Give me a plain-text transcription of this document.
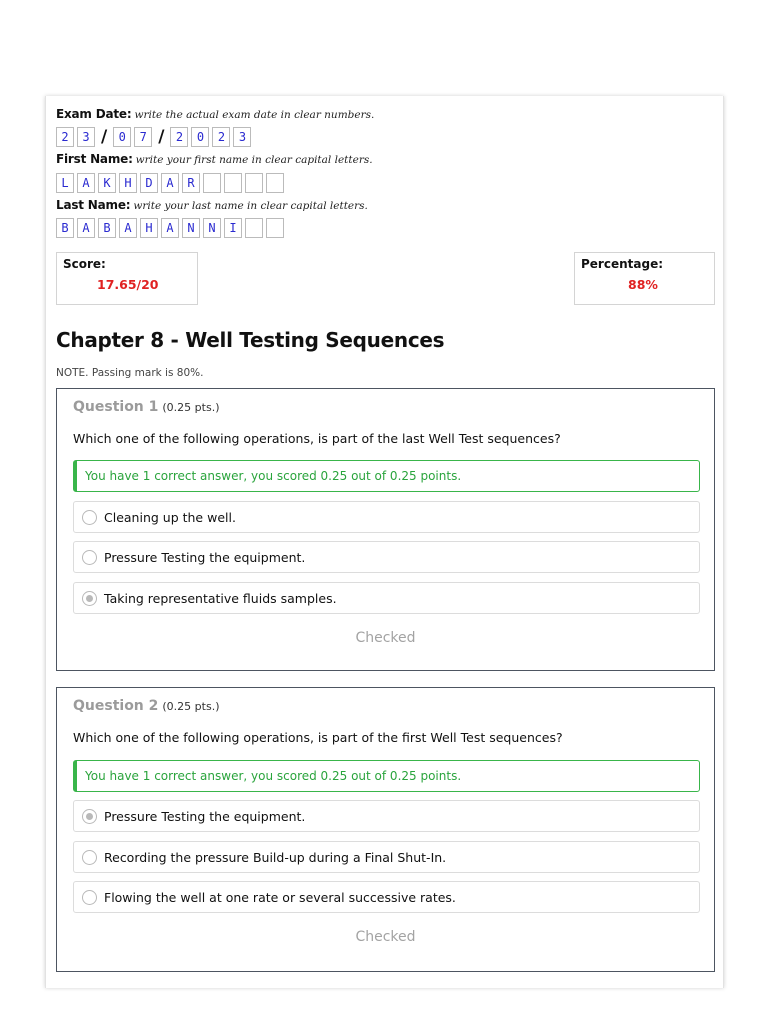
Exam Date: write the actual exam date in clear numbers.
2	3 / 0	7 / 2	0	2	3
First Name: write your first name in clear capital letters.
L	A	K	H	D	A	R
Last Name: write your last name in clear capital letters.
B	A	B	A	H	A	N	N	I
Score:
17.65/20
Percentage:
88%
Chapter 8 - Well Testing Sequences
NOTE. Passing mark is 80%.
Question 1 (0.25 pts.)
Which one of the following operations, is part of the last Well Test sequences?
You have 1 correct answer, you scored 0.25 out of 0.25 points.
Cleaning up the well.
Pressure Testing the equipment.
Taking representative fluids samples.
Checked
Question 2 (0.25 pts.)
Which one of the following operations, is part of the first Well Test sequences?
You have 1 correct answer, you scored 0.25 out of 0.25 points.
Pressure Testing the equipment.
Recording the pressure Build-up during a Final Shut-In.
Flowing the well at one rate or several successive rates.
Checked
